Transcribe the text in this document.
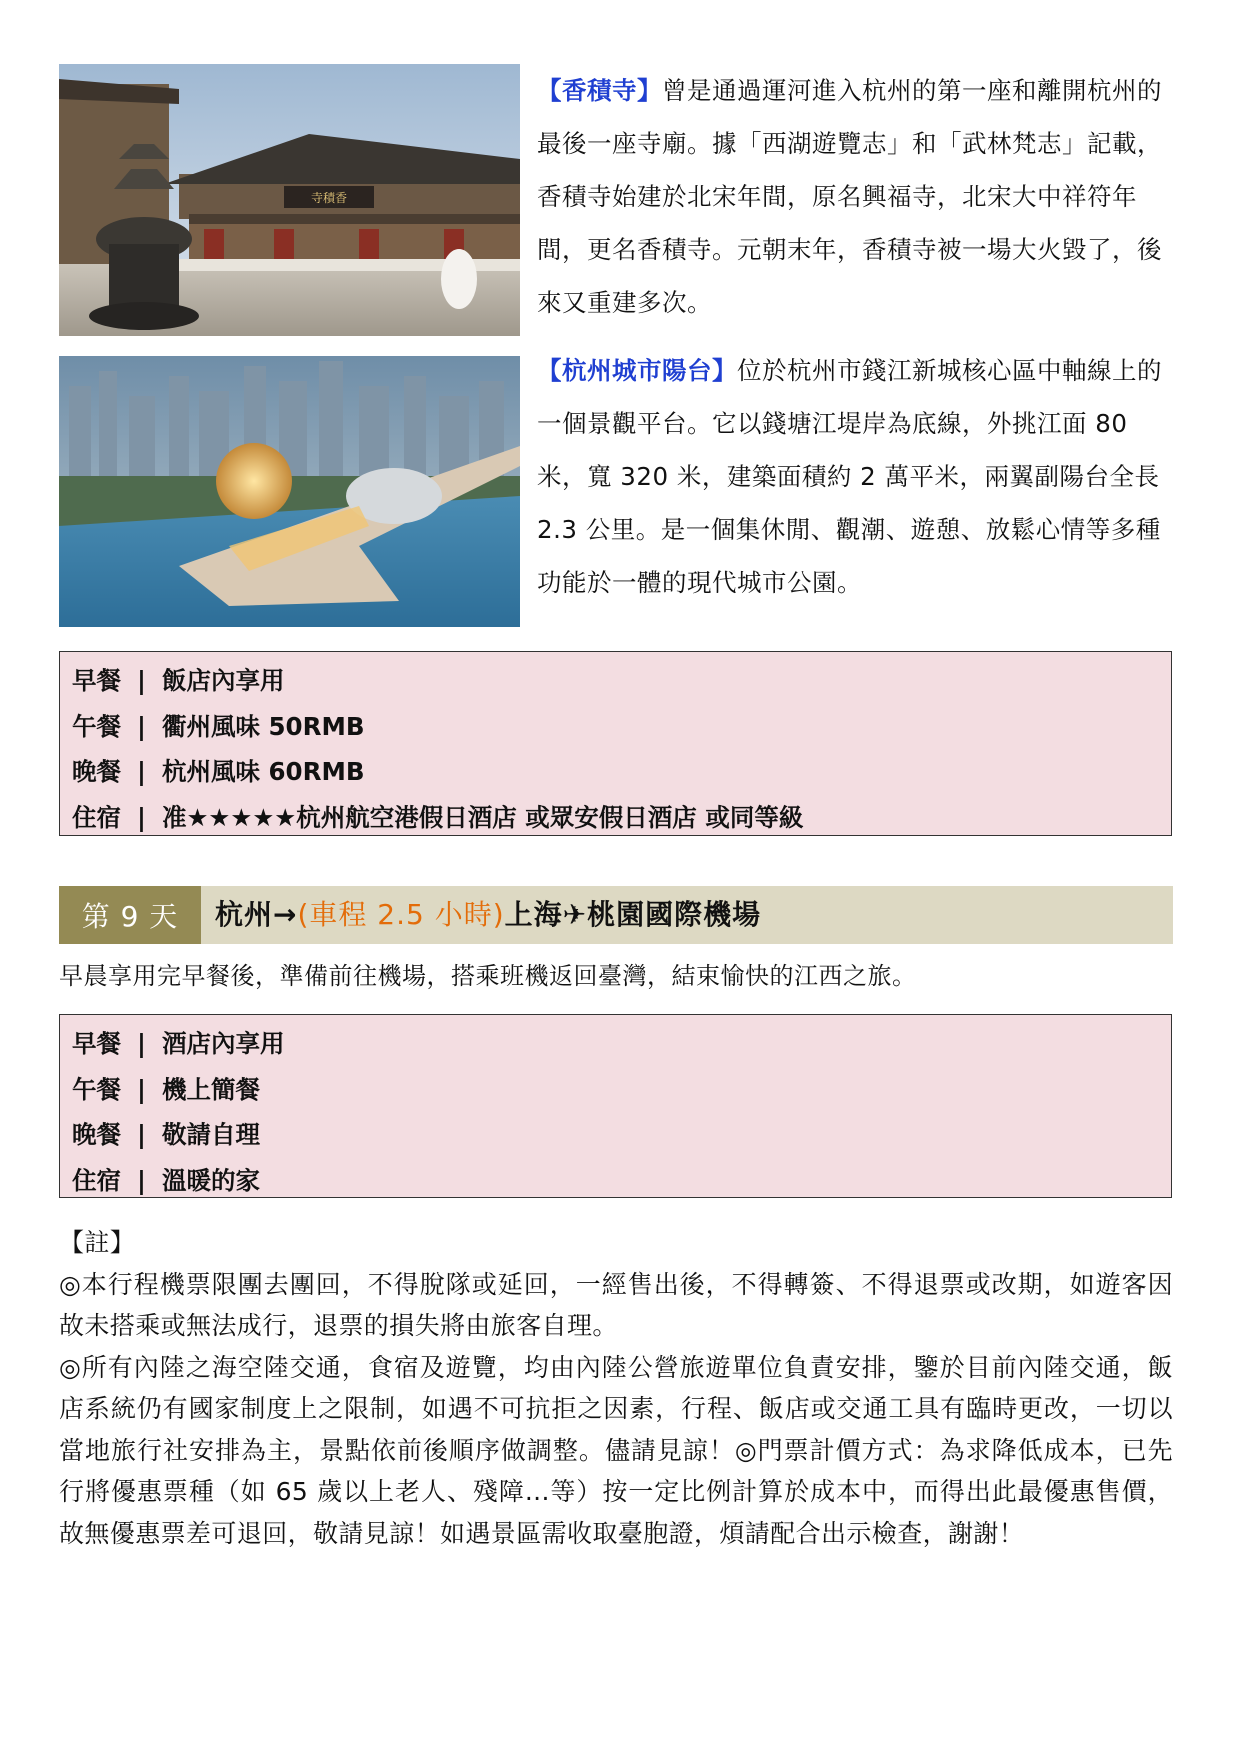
寺積香
【香積寺】曾是通過運河進入杭州的第一座和離開杭州的最後一座寺廟。據「西湖遊覽志」和「武林梵志」記載，香積寺始建於北宋年間，原名興福寺，北宋大中祥符年間，更名香積寺。元朝末年，香積寺被一場大火毀了，後來又重建多次。
【杭州城市陽台】位於杭州市錢江新城核心區中軸線上的一個景觀平台。它以錢塘江堤岸為底線，外挑江面 80 米，寬 320 米，建築面積約 2 萬平米，兩翼副陽台全長 2.3 公里。是一個集休閒、觀潮、遊憩、放鬆心情等多種功能於一體的現代城市公園。
早餐 | 飯店內享用
午餐 | 衢州風味 50RMB
晚餐 | 杭州風味 60RMB
住宿 | 准★★★★★杭州航空港假日酒店 或眾安假日酒店 或同等級
第 9 天	杭州→(車程 2.5 小時)上海✈桃園國際機場
早晨享用完早餐後，準備前往機場，搭乘班機返回臺灣，結束愉快的江西之旅。
早餐 | 酒店內享用
午餐 | 機上簡餐
晚餐 | 敬請自理
住宿 | 溫暖的家

【註】

◎本行程機票限團去團回，不得脫隊或延回，一經售出後，不得轉簽、不得退票或改期，如遊客因故未搭乘或無法成行，退票的損失將由旅客自理。

◎所有內陸之海空陸交通，食宿及遊覽，均由內陸公營旅遊單位負責安排，鑒於目前內陸交通，飯店系統仍有國家制度上之限制，如遇不可抗拒之因素，行程、飯店或交通工具有臨時更改，一切以當地旅行社安排為主，景點依前後順序做調整。儘請見諒！◎門票計價方式：為求降低成本，已先行將優惠票種（如 65 歲以上老人、殘障...等）按一定比例計算於成本中，而得出此最優惠售價，故無優惠票差可退回，敬請見諒！如遇景區需收取臺胞證，煩請配合出示檢查，謝謝！
